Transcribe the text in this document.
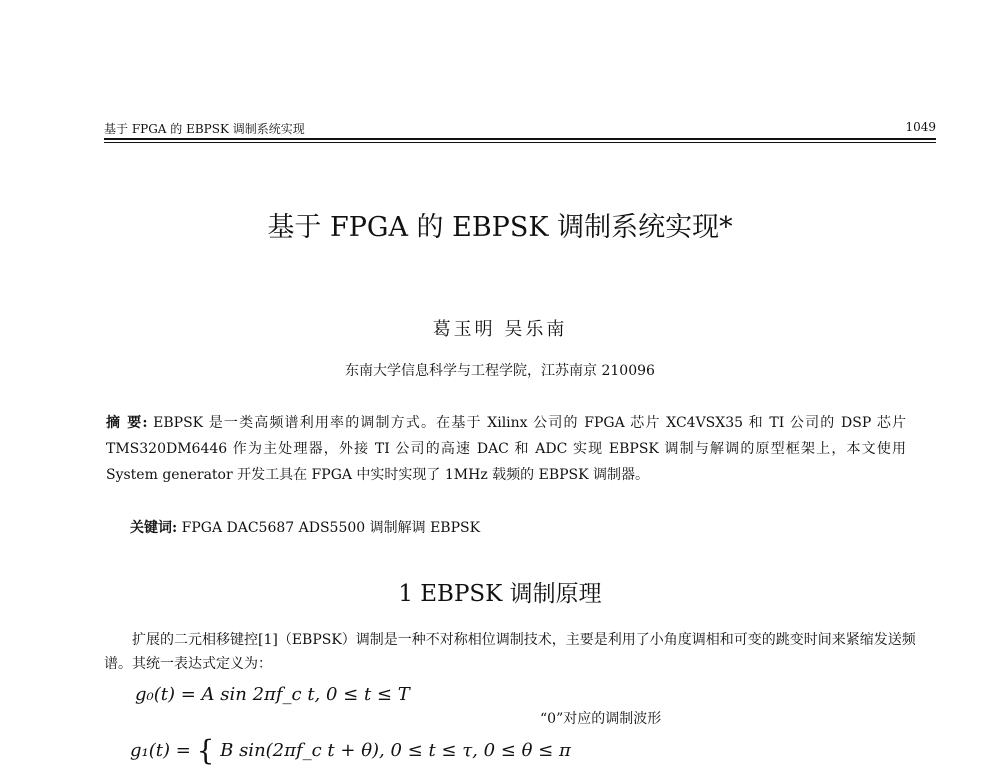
基于 FPGA 的 EBPSK 调制系统实现	1049
基于 FPGA 的 EBPSK 调制系统实现*
葛玉明 吴乐南
东南大学信息科学与工程学院，江苏南京 210096
摘 要: EBPSK 是一类高频谱利用率的调制方式。在基于 Xilinx 公司的 FPGA 芯片 XC4VSX35 和 TI 公司的 DSP 芯片 TMS320DM6446 作为主处理器，外接 TI 公司的高速 DAC 和 ADC 实现 EBPSK 调制与解调的原型框架上，本文使用 System generator 开发工具在 FPGA 中实时实现了 1MHz 载频的 EBPSK 调制器。
关键词: FPGA DAC5687 ADS5500 调制解调 EBPSK
1 EBPSK 调制原理
扩展的二元相移键控[1]（EBPSK）调制是一种不对称相位调制技术，主要是利用了小角度调相和可变的跳变时间来紧缩发送频谱。其统一表达式定义为：
g₀(t) = A sin 2πf_c t, 0 ≤ t ≤ T
“0”对应的调制波形
g₁(t) = { B sin(2πf_c t + θ), 0 ≤ t ≤ τ, 0 ≤ θ ≤ π
